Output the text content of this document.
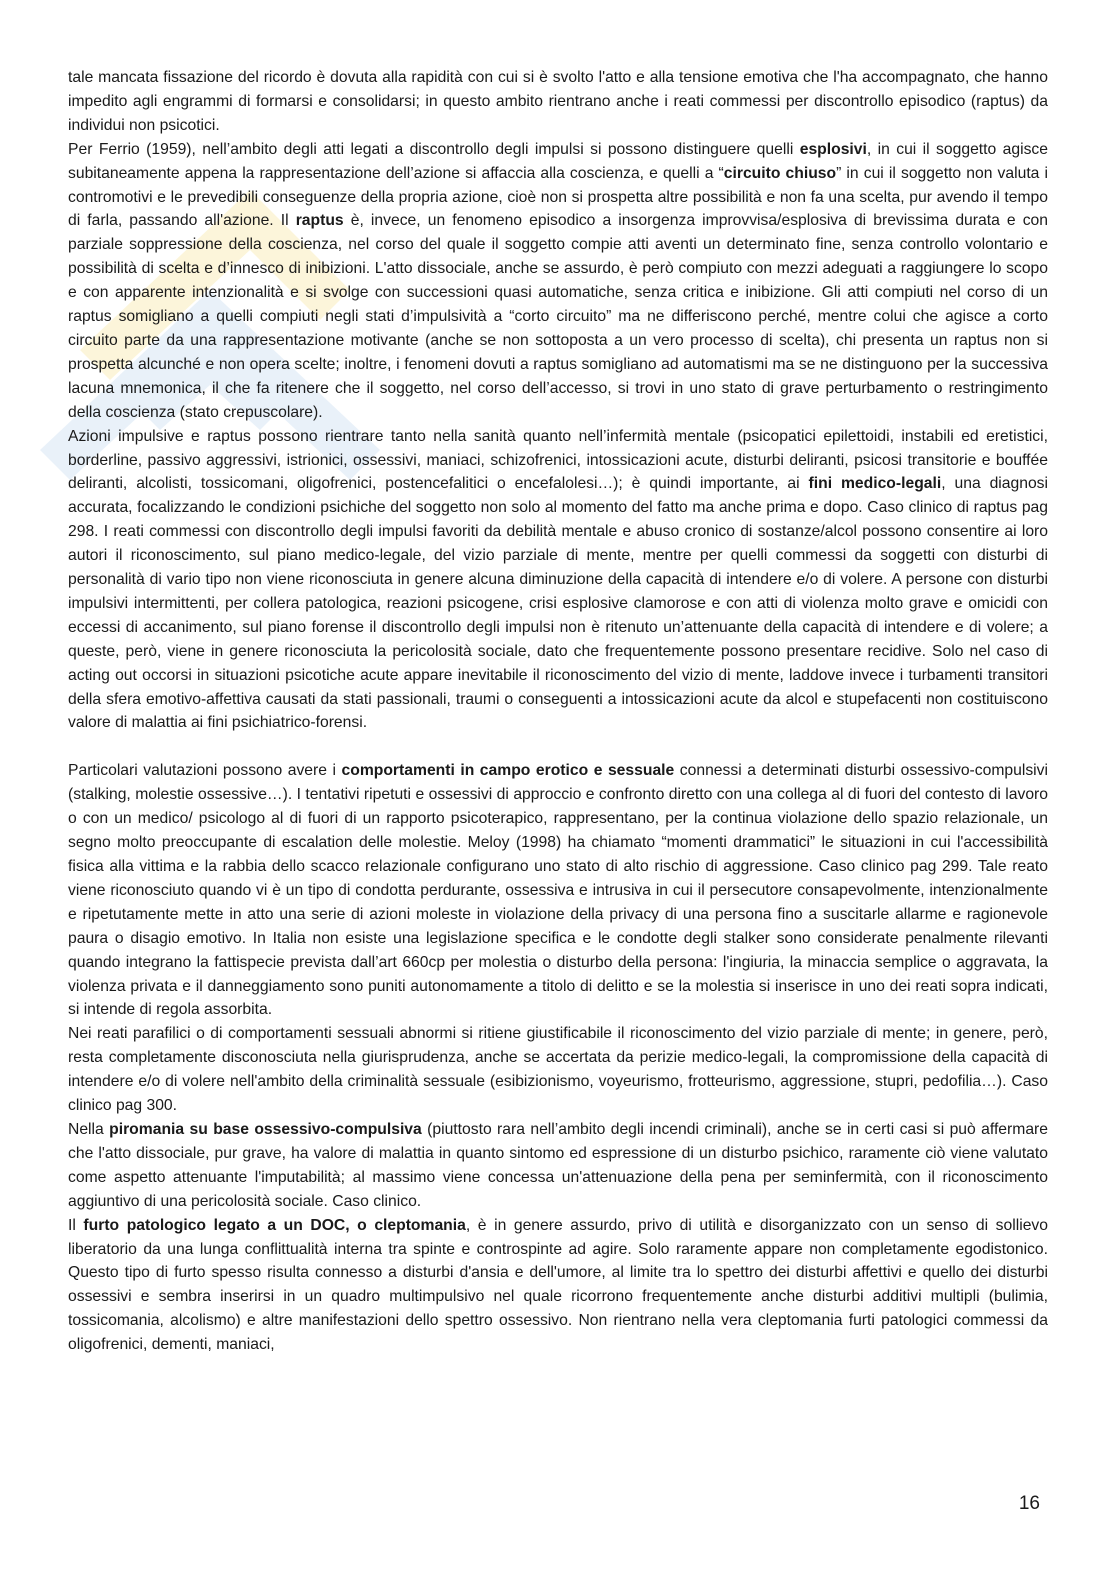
tale mancata fissazione del ricordo è dovuta alla rapidità con cui si è svolto l'atto e alla tensione emotiva che l'ha accompagnato, che hanno impedito agli engrammi di formarsi e consolidarsi; in questo ambito rientrano anche i reati commessi per discontrollo episodico (raptus) da individui non psicotici.

Per Ferrio (1959), nell’ambito degli atti legati a discontrollo degli impulsi si possono distinguere quelli esplosivi, in cui il soggetto agisce subitaneamente appena la rappresentazione dell’azione si affaccia alla coscienza, e quelli a “circuito chiuso” in cui il soggetto non valuta i contromotivi e le prevedibili conseguenze della propria azione, cioè non si prospetta altre possibilità e non fa una scelta, pur avendo il tempo di farla, passando all'azione. Il raptus è, invece, un fenomeno episodico a insorgenza improvvisa/esplosiva di brevissima durata e con parziale soppressione della coscienza, nel corso del quale il soggetto compie atti aventi un determinato fine, senza controllo volontario e possibilità di scelta e d’innesco di inibizioni. L'atto dissociale, anche se assurdo, è però compiuto con mezzi adeguati a raggiungere lo scopo e con apparente intenzionalità e si svolge con successioni quasi automatiche, senza critica e inibizione. Gli atti compiuti nel corso di un raptus somigliano a quelli compiuti negli stati d’impulsività a “corto circuito” ma ne differiscono perché, mentre colui che agisce a corto circuito parte da una rappresentazione motivante (anche se non sottoposta a un vero processo di scelta), chi presenta un raptus non si prospetta alcunché e non opera scelte; inoltre, i fenomeni dovuti a raptus somigliano ad automatismi ma se ne distinguono per la successiva lacuna mnemonica, il che fa ritenere che il soggetto, nel corso dell’accesso, si trovi in uno stato di grave perturbamento o restringimento della coscienza (stato crepuscolare).

Azioni impulsive e raptus possono rientrare tanto nella sanità quanto nell’infermità mentale (psicopatici epilettoidi, instabili ed eretistici, borderline, passivo aggressivi, istrionici, ossessivi, maniaci, schizofrenici, intossicazioni acute, disturbi deliranti, psicosi transitorie e bouffée deliranti, alcolisti, tossicomani, oligofrenici, postencefalitici o encefalolesi…); è quindi importante, ai fini medico-legali, una diagnosi accurata, focalizzando le condizioni psichiche del soggetto non solo al momento del fatto ma anche prima e dopo. Caso clinico di raptus pag 298. I reati commessi con discontrollo degli impulsi favoriti da debilità mentale e abuso cronico di sostanze/alcol possono consentire ai loro autori il riconoscimento, sul piano medico-legale, del vizio parziale di mente, mentre per quelli commessi da soggetti con disturbi di personalità di vario tipo non viene riconosciuta in genere alcuna diminuzione della capacità di intendere e/o di volere. A persone con disturbi impulsivi intermittenti, per collera patologica, reazioni psicogene, crisi esplosive clamorose e con atti di violenza molto grave e omicidi con eccessi di accanimento, sul piano forense il discontrollo degli impulsi non è ritenuto un’attenuante della capacità di intendere e di volere; a queste, però, viene in genere riconosciuta la pericolosità sociale, dato che frequentemente possono presentare recidive. Solo nel caso di acting out occorsi in situazioni psicotiche acute appare inevitabile il riconoscimento del vizio di mente, laddove invece i turbamenti transitori della sfera emotivo-affettiva causati da stati passionali, traumi o conseguenti a intossicazioni acute da alcol e stupefacenti non costituiscono valore di malattia ai fini psichiatrico-forensi.

Particolari valutazioni possono avere i comportamenti in campo erotico e sessuale connessi a determinati disturbi ossessivo-compulsivi (stalking, molestie ossessive…). I tentativi ripetuti e ossessivi di approccio e confronto diretto con una collega al di fuori del contesto di lavoro o con un medico/ psicologo al di fuori di un rapporto psicoterapico, rappresentano, per la continua violazione dello spazio relazionale, un segno molto preoccupante di escalation delle molestie. Meloy (1998) ha chiamato “momenti drammatici” le situazioni in cui l'accessibilità fisica alla vittima e la rabbia dello scacco relazionale configurano uno stato di alto rischio di aggressione. Caso clinico pag 299. Tale reato viene riconosciuto quando vi è un tipo di condotta perdurante, ossessiva e intrusiva in cui il persecutore consapevolmente, intenzionalmente e ripetutamente mette in atto una serie di azioni moleste in violazione della privacy di una persona fino a suscitarle allarme e ragionevole paura o disagio emotivo. In Italia non esiste una legislazione specifica e le condotte degli stalker sono considerate penalmente rilevanti quando integrano la fattispecie prevista dall’art 660cp per molestia o disturbo della persona: l'ingiuria, la minaccia semplice o aggravata, la violenza privata e il danneggiamento sono puniti autonomamente a titolo di delitto e se la molestia si inserisce in uno dei reati sopra indicati, si intende di regola assorbita.

Nei reati parafilici o di comportamenti sessuali abnormi si ritiene giustificabile il riconoscimento del vizio parziale di mente; in genere, però, resta completamente disconosciuta nella giurisprudenza, anche se accertata da perizie medico-legali, la compromissione della capacità di intendere e/o di volere nell'ambito della criminalità sessuale (esibizionismo, voyeurismo, frotteurismo, aggressione, stupri, pedofilia…). Caso clinico pag 300.

Nella piromania su base ossessivo-compulsiva (piuttosto rara nell’ambito degli incendi criminali), anche se in certi casi si può affermare che l'atto dissociale, pur grave, ha valore di malattia in quanto sintomo ed espressione di un disturbo psichico, raramente ciò viene valutato come aspetto attenuante l'imputabilità; al massimo viene concessa un'attenuazione della pena per seminfermità, con il riconoscimento aggiuntivo di una pericolosità sociale. Caso clinico.

Il furto patologico legato a un DOC, o cleptomania, è in genere assurdo, privo di utilità e disorganizzato con un senso di sollievo liberatorio da una lunga conflittualità interna tra spinte e controspinte ad agire. Solo raramente appare non completamente egodistonico. Questo tipo di furto spesso risulta connesso a disturbi d'ansia e dell'umore, al limite tra lo spettro dei disturbi affettivi e quello dei disturbi ossessivi e sembra inserirsi in un quadro multimpulsivo nel quale ricorrono frequentemente anche disturbi additivi multipli (bulimia, tossicomania, alcolismo) e altre manifestazioni dello spettro ossessivo. Non rientrano nella vera cleptomania furti patologici commessi da oligofrenici, dementi, maniaci,

16
